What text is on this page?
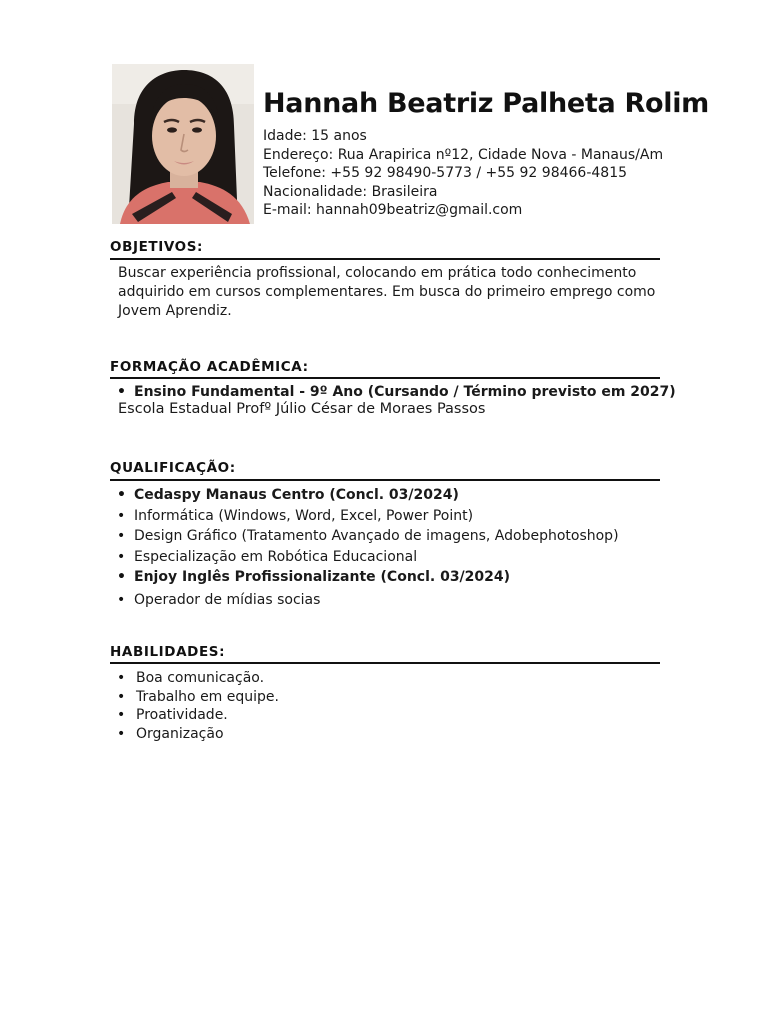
Hannah Beatriz Palheta Rolim
Idade: 15 anos
Endereço: Rua Arapirica nº12, Cidade Nova - Manaus/Am
Telefone: +55 92 98490-5773 / +55 92 98466-4815
Nacionalidade: Brasileira
E-mail: hannah09beatriz@gmail.com
OBJETIVOS:
Buscar experiência profissional, colocando em prática todo conhecimento adquirido em cursos complementares. Em busca do primeiro emprego como Jovem Aprendiz.
FORMAÇÃO ACADÊMICA:
• Ensino Fundamental - 9º Ano (Cursando / Término previsto em 2027)
Escola Estadual Profº Júlio César de Moraes Passos
QUALIFICAÇÃO:
• Cedaspy Manaus Centro (Concl. 03/2024)
• Informática (Windows, Word, Excel, Power Point)
• Design Gráfico (Tratamento Avançado de imagens, Adobephotoshop)
• Especialização em Robótica Educacional
• Enjoy Inglês Profissionalizante (Concl. 03/2024)
• Operador de mídias socias
HABILIDADES:
• Boa comunicação.
• Trabalho em equipe.
• Proatividade.
• Organização
